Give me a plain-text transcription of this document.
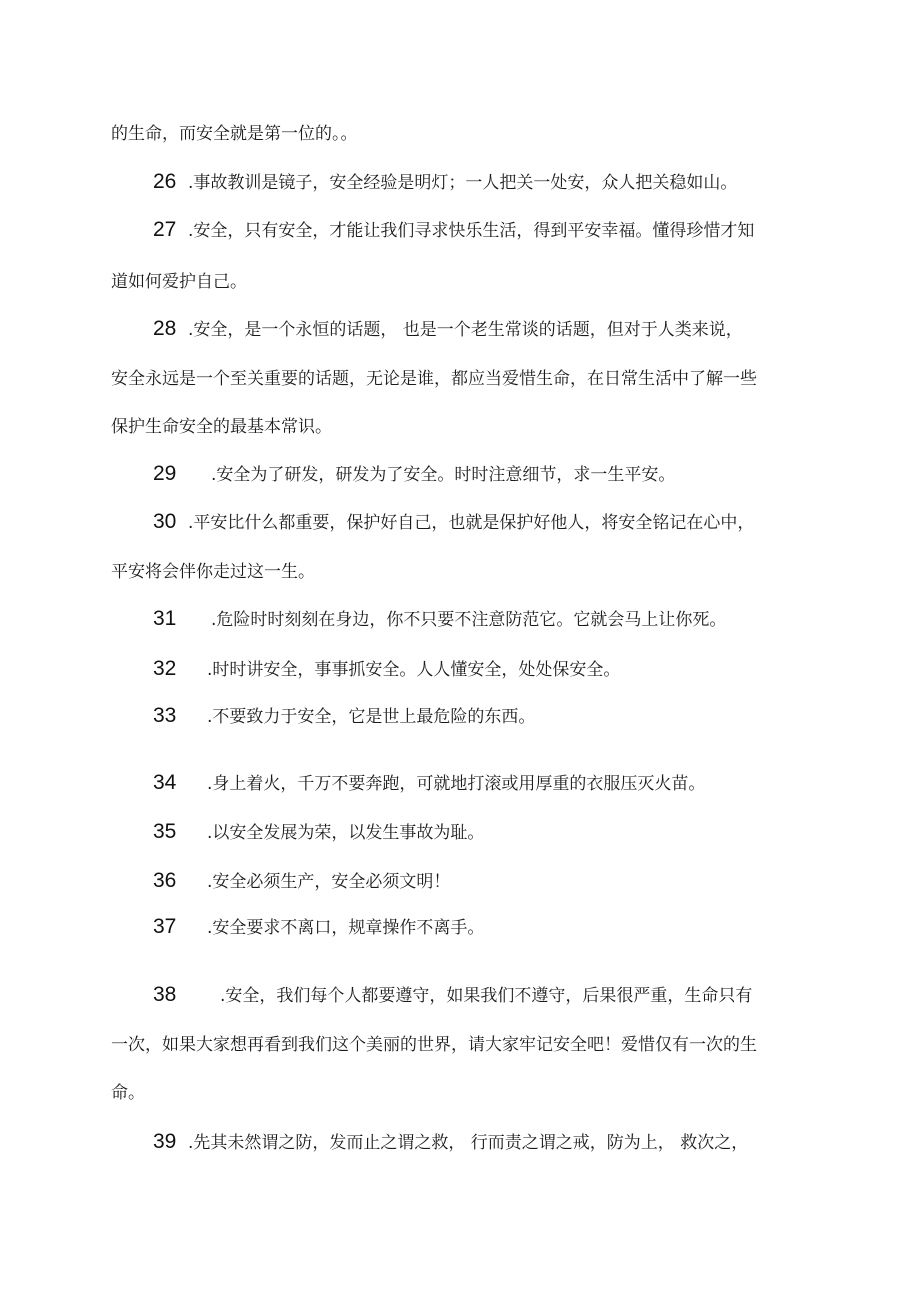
的生命，而安全就是第一位的。。
26 .事故教训是镜子，安全经验是明灯；一人把关一处安，众人把关稳如山。
27 .安全，只有安全，才能让我们寻求快乐生活，得到平安幸福。懂得珍惜才知
道如何爱护自己。
28 .安全，是一个永恒的话题， 也是一个老生常谈的话题，但对于人类来说，
安全永远是一个至关重要的话题，无论是谁，都应当爱惜生命，在日常生活中了解一些
保护生命安全的最基本常识。
29 .安全为了研发，研发为了安全。时时注意细节，求一生平安。
30 .平安比什么都重要，保护好自己，也就是保护好他人，将安全铭记在心中，
平安将会伴你走过这一生。
31 .危险时时刻刻在身边，你不只要不注意防范它。它就会马上让你死。
32 .时时讲安全，事事抓安全。人人懂安全，处处保安全。
33 .不要致力于安全，它是世上最危险的东西。
34 .身上着火，千万不要奔跑，可就地打滚或用厚重的衣服压灭火苗。
35 .以安全发展为荣，以发生事故为耻。
36 .安全必须生产，安全必须文明！
37 .安全要求不离口，规章操作不离手。
38	.安全，我们每个人都要遵守，如果我们不遵守，后果很严重，生命只有
一次，如果大家想再看到我们这个美丽的世界，请大家牢记安全吧！爱惜仅有一次的生
命。
39 .先其未然谓之防，发而止之谓之救， 行而责之谓之戒，防为上， 救次之，
